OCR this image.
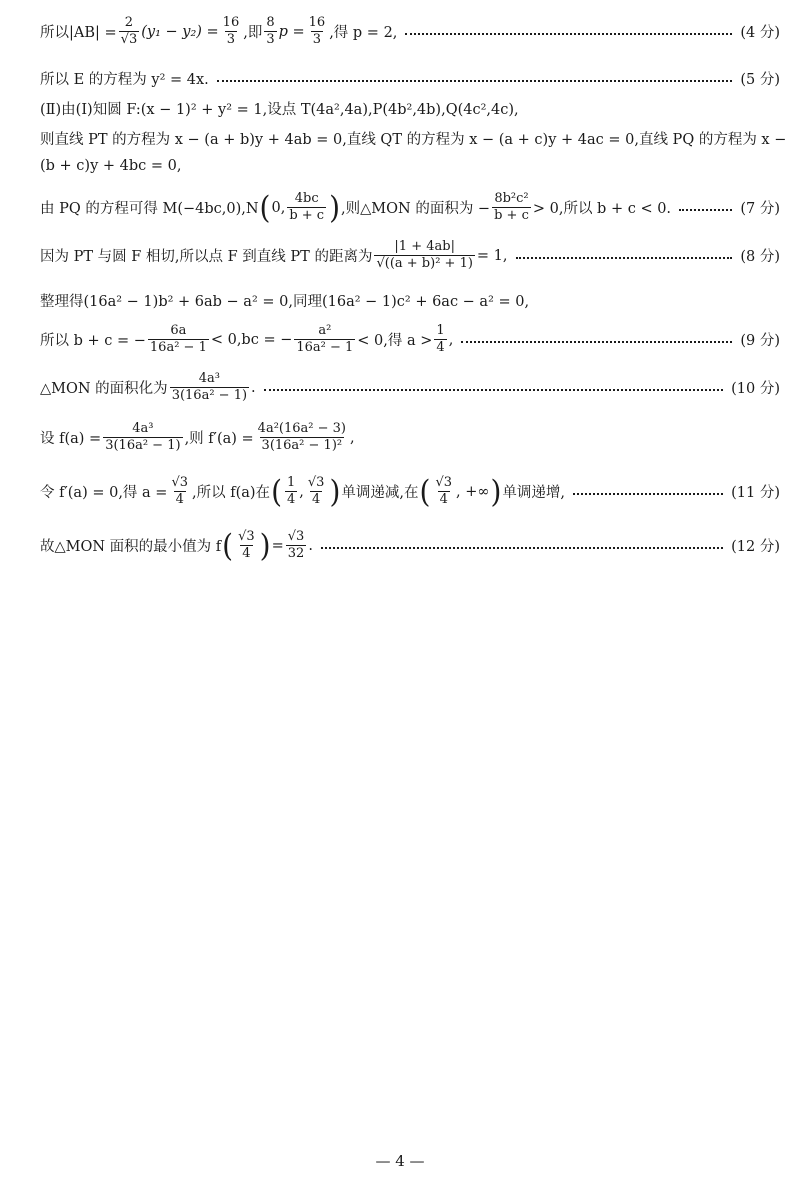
所以$|AB| = \frac{2}{√3} (y_1 - y_2) = \frac{16}{3}$ ,即 $\frac{8}{3}$ $p = \frac{16}{3}$ ,得 p = 2,	(4 分)
所以 E 的方程为 y² = 4x.	(5 分)
(Ⅱ)由(Ⅰ)知圆 F:(x − 1)² + y² = 1,设点 T(4a²,4a),P(4b²,4b),Q(4c²,4c),
则直线 PT 的方程为 x − (a + b)y + 4ab = 0,直线 QT 的方程为 x − (a + c)y + 4ac = 0,直线 PQ 的方程为 x −
(b + c)y + 4bc = 0,
由 PQ 的方程可得 M(−4bc,0),N ( 0, $\frac{4bc}{b + c}$ ) ,则△MON 的面积为 − $\frac{\text{8b²c²}}{b + c} > 0$,所以 b + c < 0.	(7 分)
因为 PT 与圆 F 相切,所以点 F 到直线 PT 的距离为 $\frac{|1 + 4ab|}{\text{√((a + b)² + 1)}} = 1$,	(8 分)
整理得(16a² − 1)b² + 6ab − a² = 0,同理(16a² − 1)c² + 6ac − a² = 0,
所以 b + c = − $\frac{6a}{\text{16a² − 1}} < 0,bc$ = − $\frac{\text{a²}}{\text{16a² − 1}} < 0$,得 $a > \frac{1}{4}$ ,	(9 分)
△MON 的面积化为 $\frac{\text{4a³}}{\text{3(16a² − 1)}}$ .	(10 分)
设 $f(a) = \frac{\text{4a³}}{\text{3(16a² − 1)}}$ ,则 $f'(a) = \frac{\text{4a²(16a² − 3)}}{\text{3(16a² − 1)²}}$ ,
令 f′(a) = 0,得 $a = \frac{√3}{4}$ ,所以 f(a)在 ( $\frac{1}{4}$ , $\frac{√3}{4}$ ) 单调递减,在 ( $\frac{√3}{4}$ , +∞ ) 单调递增,	(11 分)
故△MON 面积的最小值为 f ( $\frac{√3}{4}$ ) = $\frac{√3}{32}$ .	(12 分)
— 4 —
